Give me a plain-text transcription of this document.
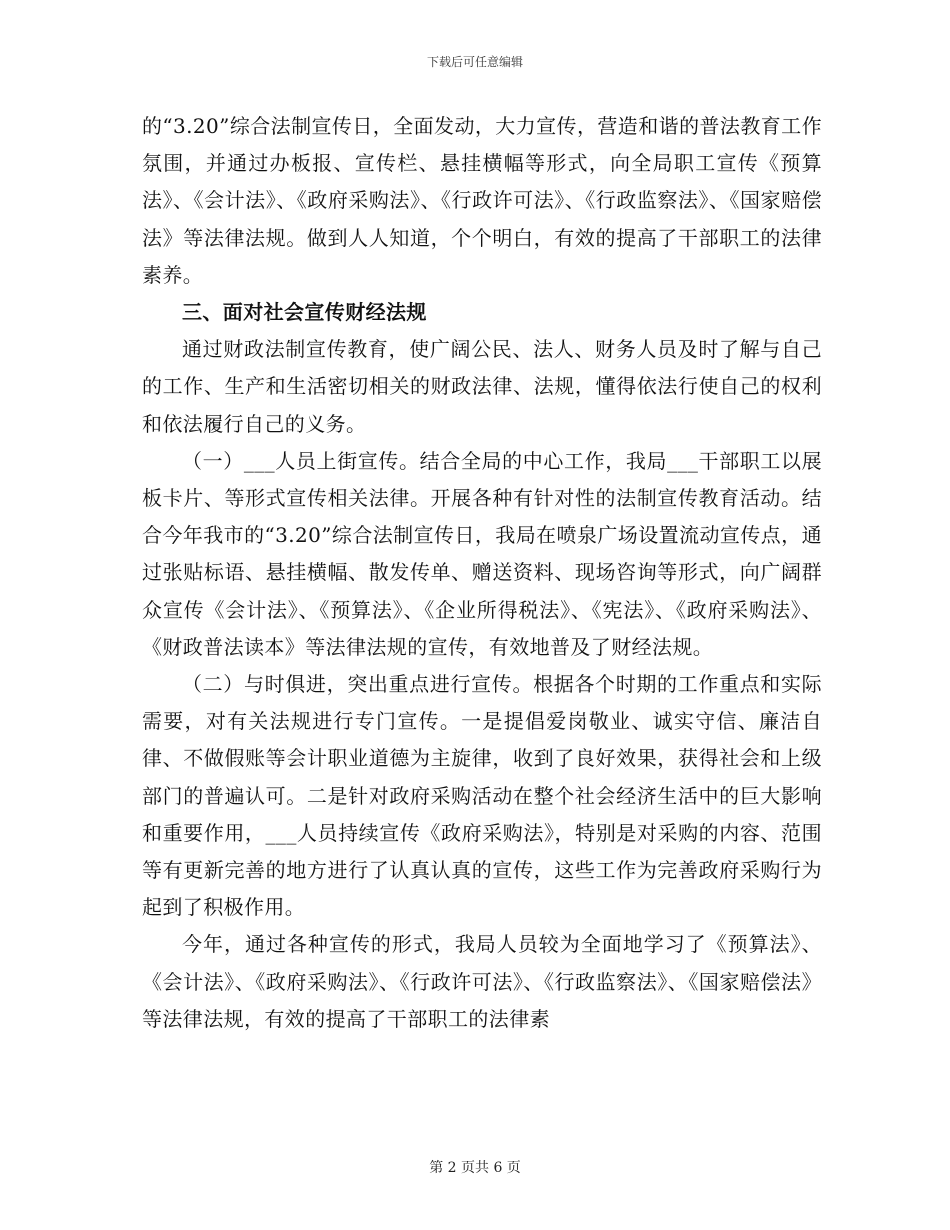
下载后可任意编辑

的“3.20”综合法制宣传日，全面发动，大力宣传，营造和谐的普法教育工作氛围，并通过办板报、宣传栏、悬挂横幅等形式，向全局职工宣传《预算法》、《会计法》、《政府采购法》、《行政许可法》、《行政监察法》、《国家赔偿法》等法律法规。做到人人知道，个个明白，有效的提高了干部职工的法律素养。

三、面对社会宣传财经法规

通过财政法制宣传教育，使广阔公民、法人、财务人员及时了解与自己的工作、生产和生活密切相关的财政法律、法规，懂得依法行使自己的权利和依法履行自己的义务。

（一）___人员上街宣传。结合全局的中心工作，我局___干部职工以展板卡片、等形式宣传相关法律。开展各种有针对性的法制宣传教育活动。结合今年我市的“3.20”综合法制宣传日，我局在喷泉广场设置流动宣传点，通过张贴标语、悬挂横幅、散发传单、赠送资料、现场咨询等形式，向广阔群众宣传《会计法》、《预算法》、《企业所得税法》、《宪法》、《政府采购法》、《财政普法读本》等法律法规的宣传，有效地普及了财经法规。

（二）与时俱进，突出重点进行宣传。根据各个时期的工作重点和实际需要，对有关法规进行专门宣传。一是提倡爱岗敬业、诚实守信、廉洁自律、不做假账等会计职业道德为主旋律，收到了良好效果，获得社会和上级部门的普遍认可。二是针对政府采购活动在整个社会经济生活中的巨大影响和重要作用，___人员持续宣传《政府采购法》，特别是对采购的内容、范围等有更新完善的地方进行了认真认真的宣传，这些工作为完善政府采购行为起到了积极作用。

今年，通过各种宣传的形式，我局人员较为全面地学习了《预算法》、《会计法》、《政府采购法》、《行政许可法》、《行政监察法》、《国家赔偿法》等法律法规，有效的提高了干部职工的法律素

第 2 页共 6 页
